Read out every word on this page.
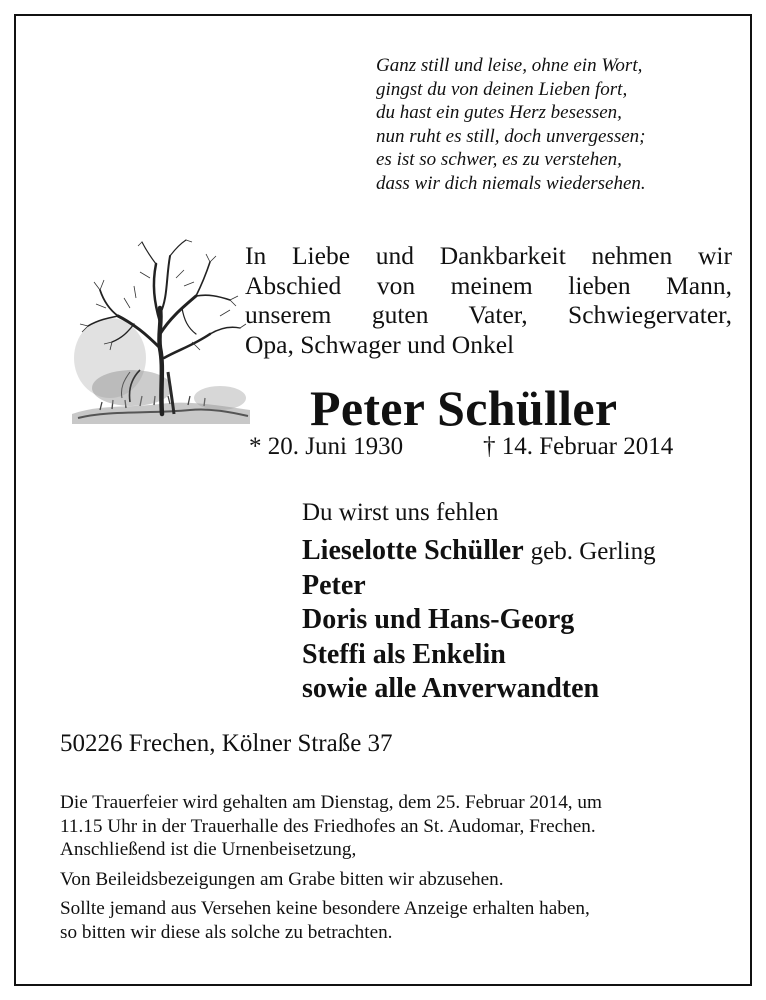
Ganz still und leise, ohne ein Wort,
gingst du von deinen Lieben fort,
du hast ein gutes Herz besessen,
nun ruht es still, doch unvergessen;
es ist so schwer, es zu verstehen,
dass wir dich niemals wiedersehen.
In Liebe und Dankbarkeit nehmen wir
Abschied von meinem lieben Mann,
unserem guten Vater, Schwiegervater,
Opa, Schwager und Onkel
Peter Schüller
* 20. Juni 1930	† 14. Februar 2014
Du wirst uns fehlen
Lieselotte Schüller geb. Gerling
Peter
Doris und Hans-Georg
Steffi als Enkelin
sowie alle Anverwandten
50226 Frechen, Kölner Straße 37
Die Trauerfeier wird gehalten am Dienstag, dem 25. Februar 2014, um
11.15 Uhr in der Trauerhalle des Friedhofes an St. Audomar, Frechen.
Anschließend ist die Urnenbeisetzung,
Von Beileidsbezeigungen am Grabe bitten wir abzusehen.
Sollte jemand aus Versehen keine besondere Anzeige erhalten haben,
so bitten wir diese als solche zu betrachten.
